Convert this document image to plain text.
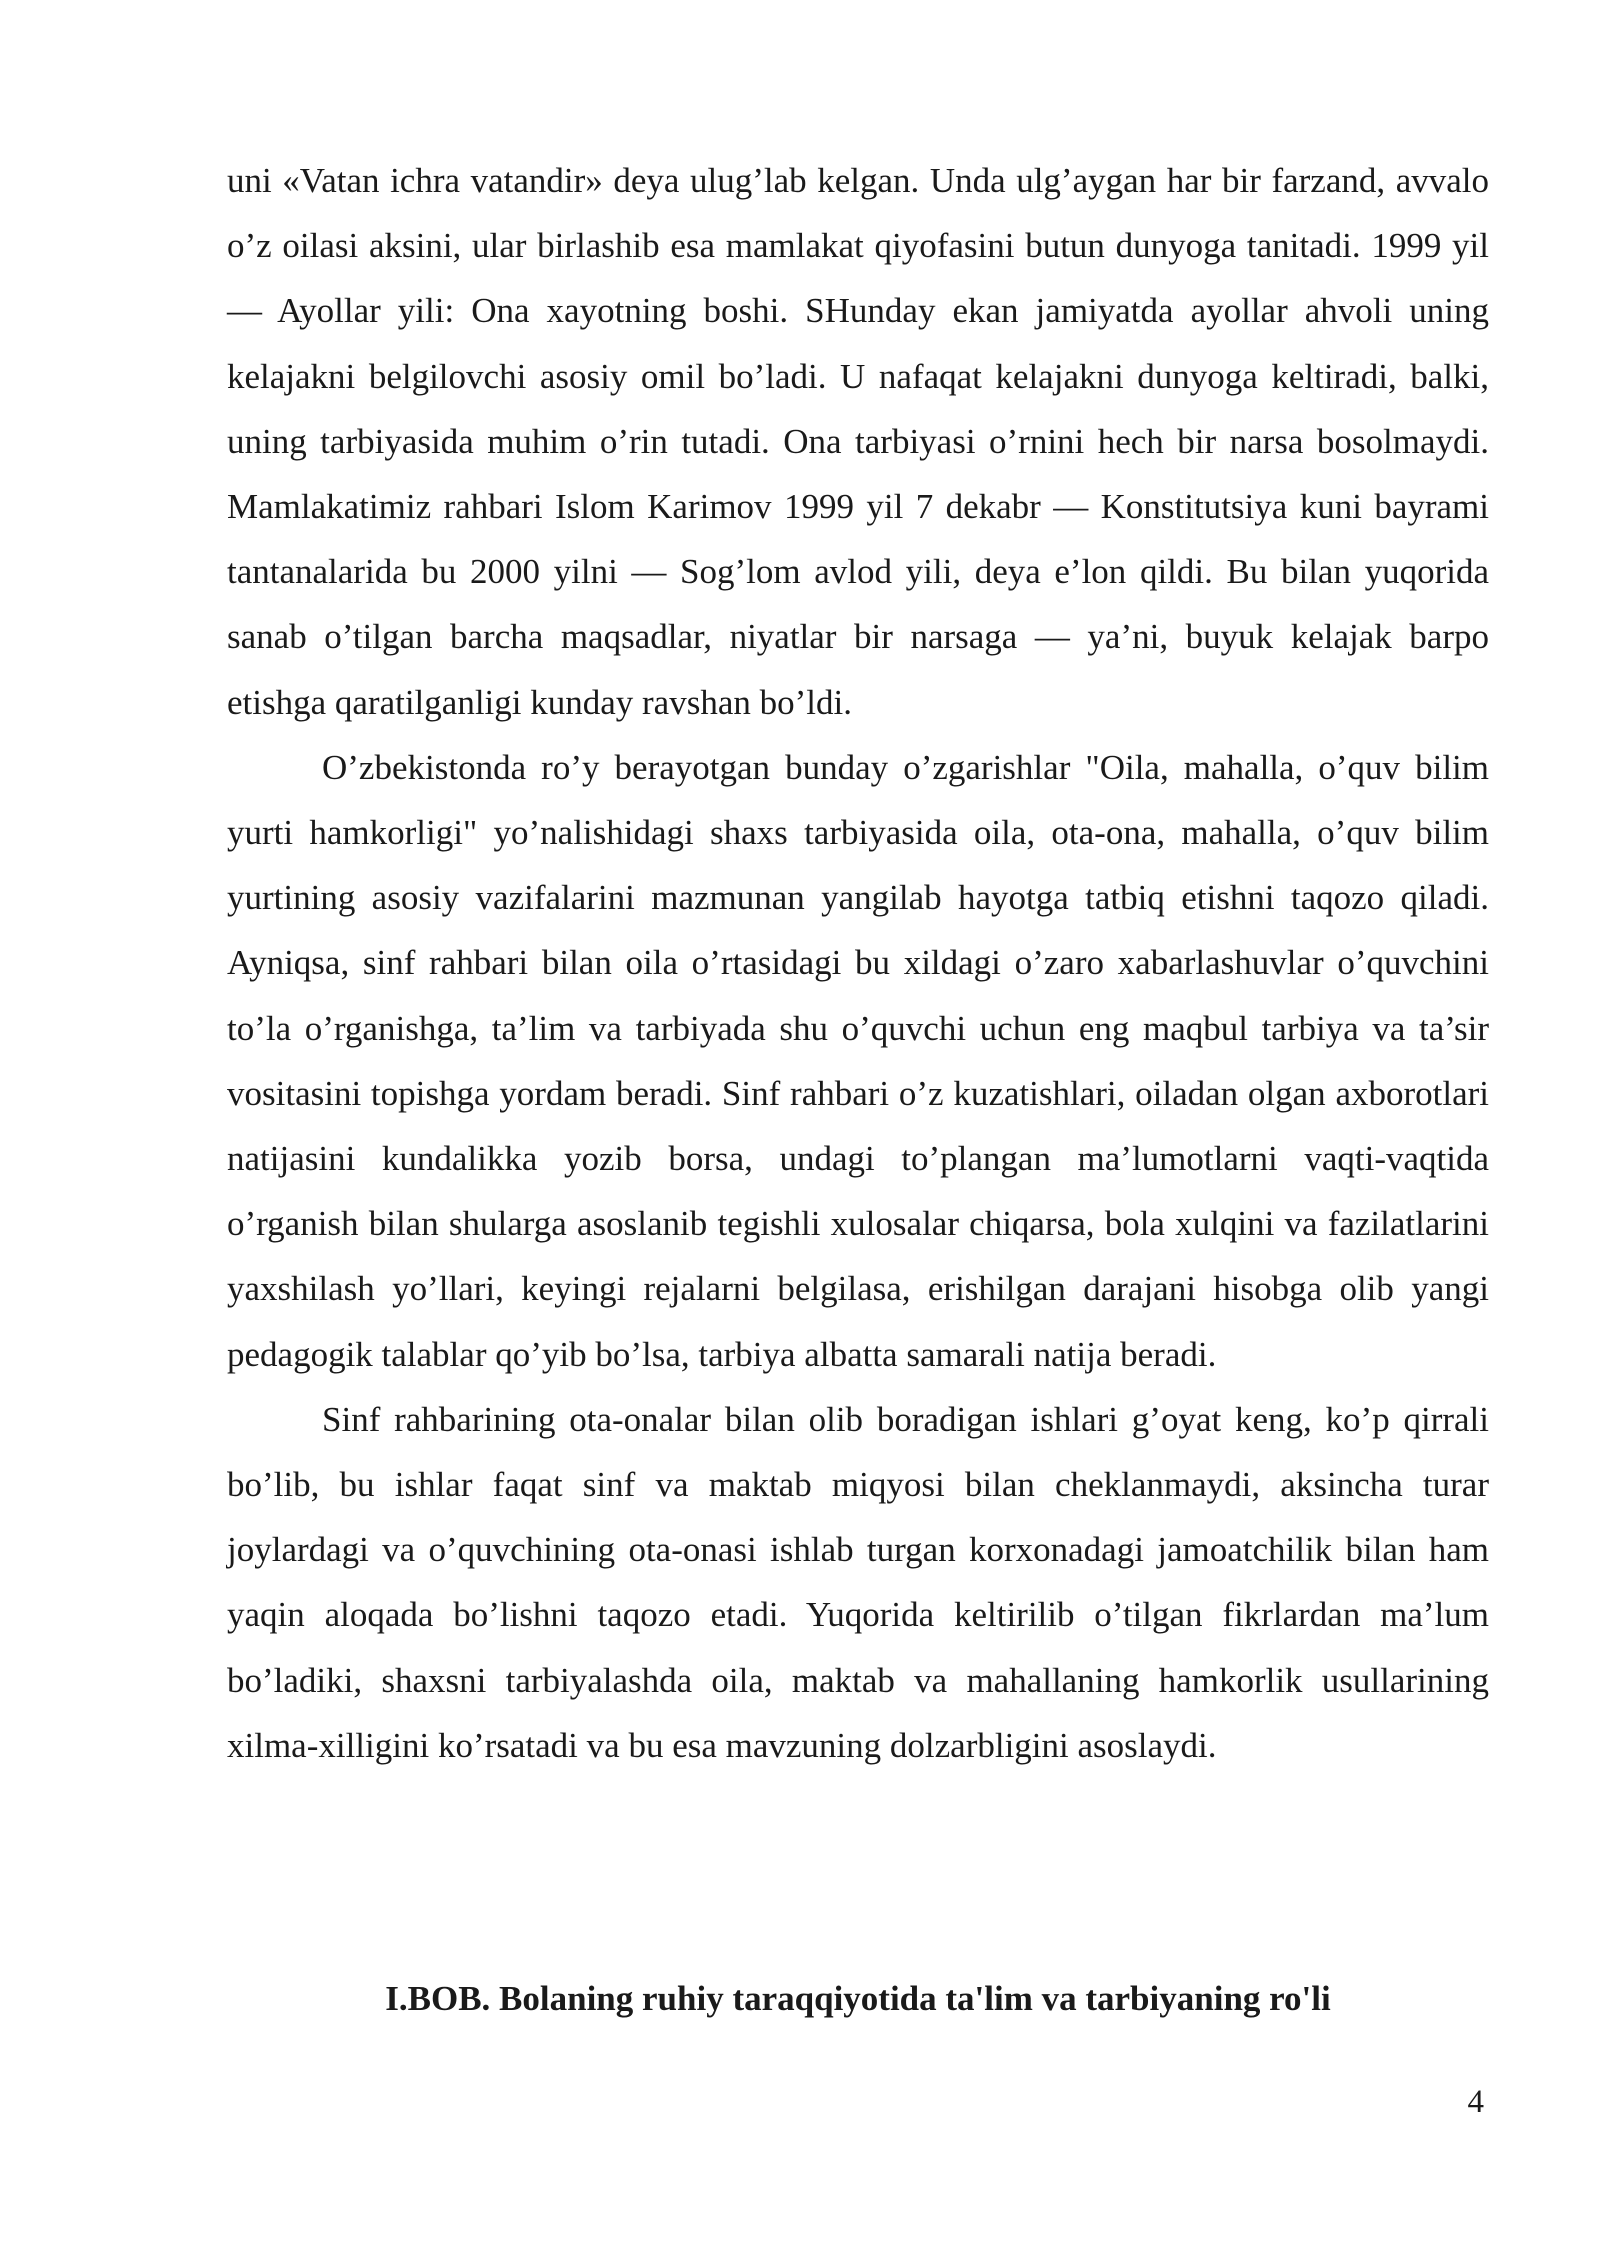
uni «Vatan ichra vatandir» deya ulug’lab kelgan. Unda ulg’aygan har bir farzand, avvalo o’z oilasi aksini, ular birlashib esa mamlakat qiyofasini butun dunyoga tanitadi. 1999 yil — Ayollar yili: Ona xayotning boshi. SHunday ekan jamiyatda ayollar ahvoli uning kelajakni belgilovchi asosiy omil bo’ladi. U nafaqat kelajakni dunyoga keltiradi, balki, uning tarbiyasida muhim o’rin tutadi. Ona tarbiyasi o’rnini hech bir narsa bosolmaydi. Mamlakatimiz rahbari Islom Karimov 1999 yil 7 dekabr — Konstitutsiya kuni bayrami tantanalarida bu 2000 yilni — Sog’lom avlod yili, deya e’lon qildi. Bu bilan yuqorida sanab o’tilgan barcha maqsadlar, niyatlar bir narsaga — ya’ni, buyuk kelajak barpo etishga qaratilganligi kunday ravshan bo’ldi.

O’zbekistonda ro’y berayotgan bunday o’zgarishlar "Oila, mahalla, o’quv bilim yurti hamkorligi" yo’nalishidagi shaxs tarbiyasida oila, ota-ona, mahalla, o’quv bilim yurtining asosiy vazifalarini mazmunan yangilab hayotga tatbiq etishni taqozo qiladi. Ayniqsa, sinf rahbari bilan oila o’rtasidagi bu xildagi o’zaro xabarlashuvlar o’quvchini to’la o’rganishga, ta’lim va tarbiyada shu o’quvchi uchun eng maqbul tarbiya va ta’sir vositasini topishga yordam beradi. Sinf rahbari o’z kuzatishlari, oiladan olgan axborotlari natijasini kundalikka yozib borsa, undagi to’plangan ma’lumotlarni vaqti-vaqtida o’rganish bilan shularga asoslanib tegishli xulosalar chiqarsa, bola xulqini va fazilatlarini yaxshilash yo’llari, keyingi rejalarni belgilasa, erishilgan darajani hisobga olib yangi pedagogik talablar qo’yib bo’lsa, tarbiya albatta samarali natija beradi.

Sinf rahbarining ota-onalar bilan olib boradigan ishlari g’oyat keng, ko’p qirrali bo’lib, bu ishlar faqat sinf va maktab miqyosi bilan cheklanmaydi, aksincha turar joylardagi va o’quvchining ota-onasi ishlab turgan korxonadagi jamoatchilik bilan ham yaqin aloqada bo’lishni taqozo etadi. Yuqorida keltirilib o’tilgan fikrlardan ma’lum bo’ladiki, shaxsni tarbiyalashda oila, maktab va mahallaning hamkorlik usullarining xilma-xilligini ko’rsatadi va bu esa mavzuning dolzarbligini asoslaydi.

I.BOB. Bolaning ruhiy taraqqiyotida ta'lim va tarbiyaning ro'li

4
